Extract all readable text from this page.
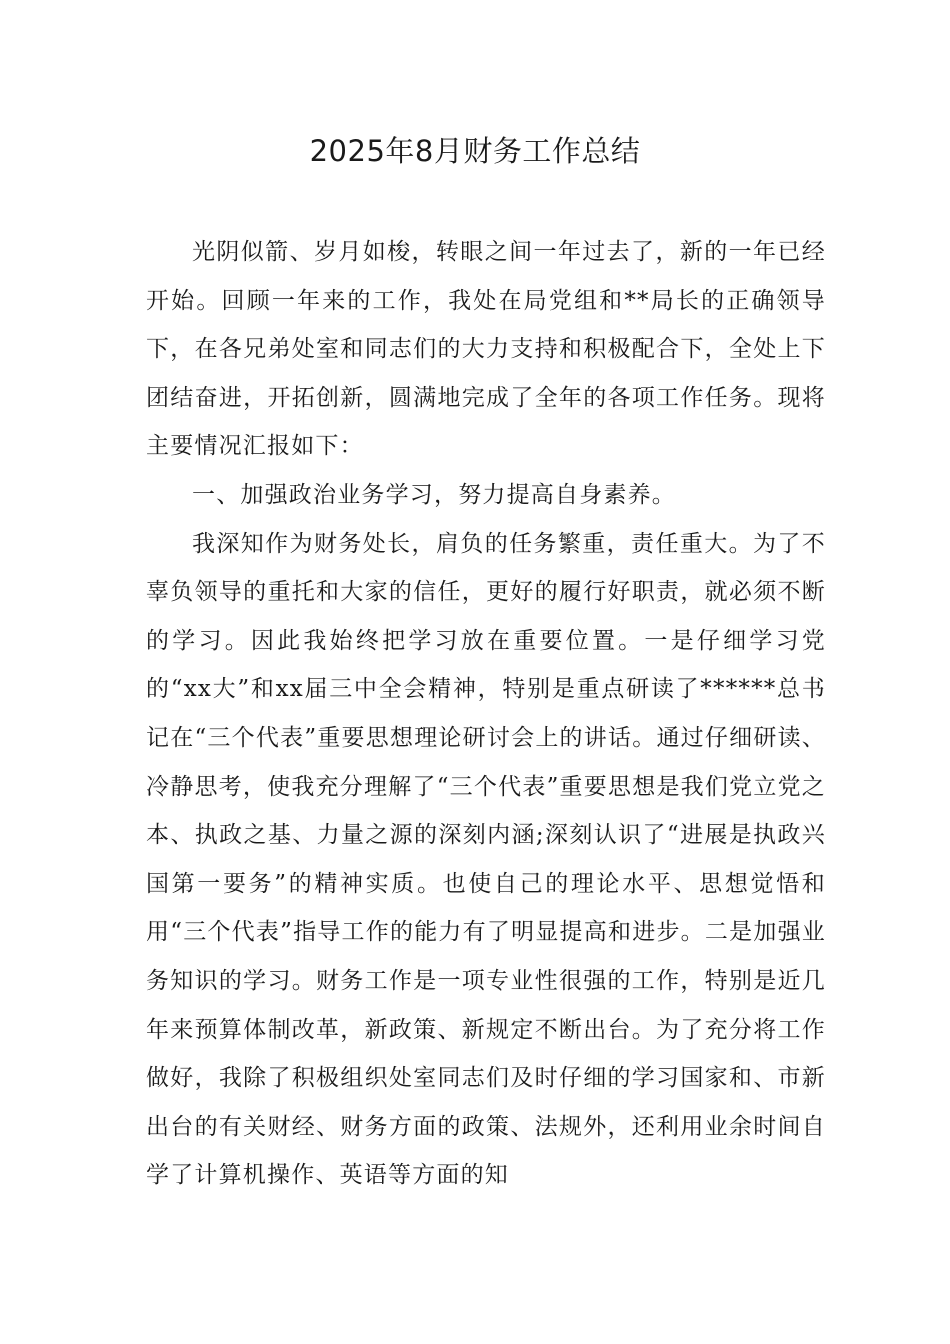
2025年8月财务工作总结

光阴似箭、岁月如梭，转眼之间一年过去了，新的一年已经开始。回顾一年来的工作，我处在局党组和**局长的正确领导下，在各兄弟处室和同志们的大力支持和积极配合下，全处上下团结奋进，开拓创新，圆满地完成了全年的各项工作任务。现将主要情况汇报如下：

一、加强政治业务学习，努力提高自身素养。

我深知作为财务处长，肩负的任务繁重，责任重大。为了不辜负领导的重托和大家的信任，更好的履行好职责，就必须不断的学习。因此我始终把学习放在重要位置。一是仔细学习党的“xx大”和xx届三中全会精神，特别是重点研读了******总书记在“三个代表”重要思想理论研讨会上的讲话。通过仔细研读、冷静思考，使我充分理解了“三个代表”重要思想是我们党立党之本、执政之基、力量之源的深刻内涵;深刻认识了“进展是执政兴国第一要务”的精神实质。也使自己的理论水平、思想觉悟和用“三个代表”指导工作的能力有了明显提高和进步。二是加强业务知识的学习。财务工作是一项专业性很强的工作，特别是近几年来预算体制改革，新政策、新规定不断出台。为了充分将工作做好，我除了积极组织处室同志们及时仔细的学习国家和、市新出台的有关财经、财务方面的政策、法规外，还利用业余时间自学了计算机操作、英语等方面的知
